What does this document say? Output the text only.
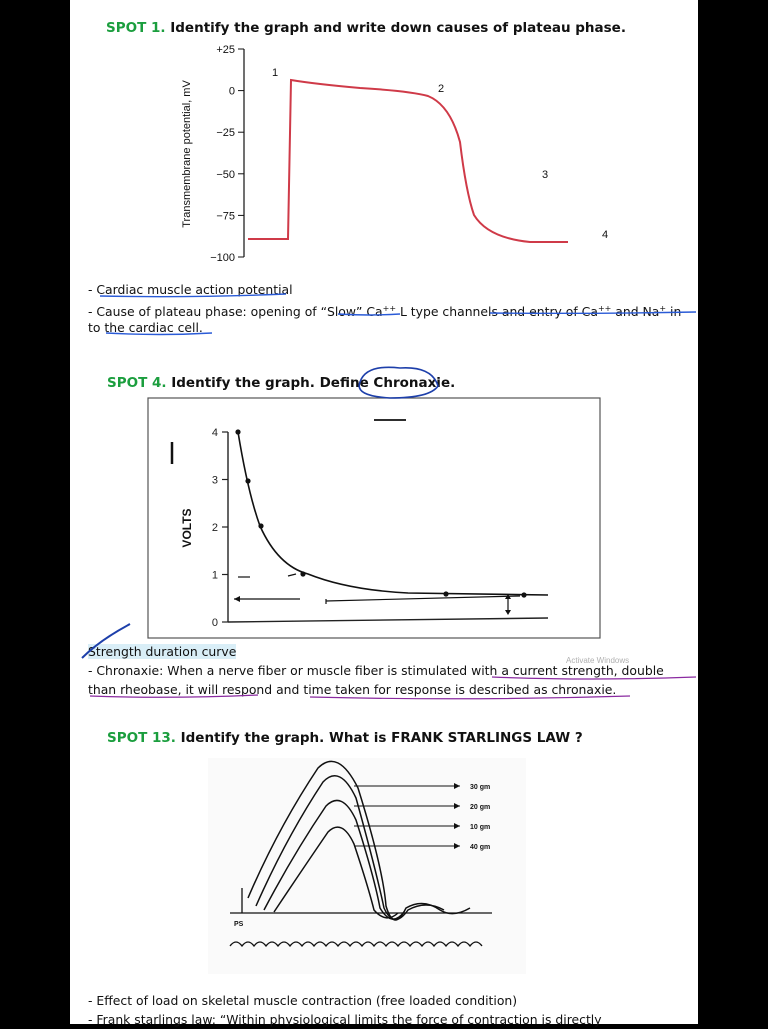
SPOT 1. Identify the graph and write down causes of plateau phase.
Transmembrane potential, mV
+25
0
−25
−50
−75
−100
1
2
3
4
- Cardiac muscle action potential
- Cause of plateau phase: opening of “Slow” Ca++ L type channels and entry of Ca++ and Na+ in
to the cardiac cell.
SPOT 4. Identify the graph. Define Chronaxie.
VOLTS
0
1
2
3
4
Strength duration curve
- Chronaxie: When a nerve fiber or muscle fiber is stimulated with a current strength, double
than rheobase, it will respond and time taken for response is described as chronaxie.
SPOT 13. Identify the graph. What is FRANK STARLINGS LAW ?
30 gm
20 gm
10 gm
40 gm
PS
- Effect of load on skeletal muscle contraction (free loaded condition)
- Frank starlings law: “Within physiological limits the force of contraction is directly
Activate Windows
